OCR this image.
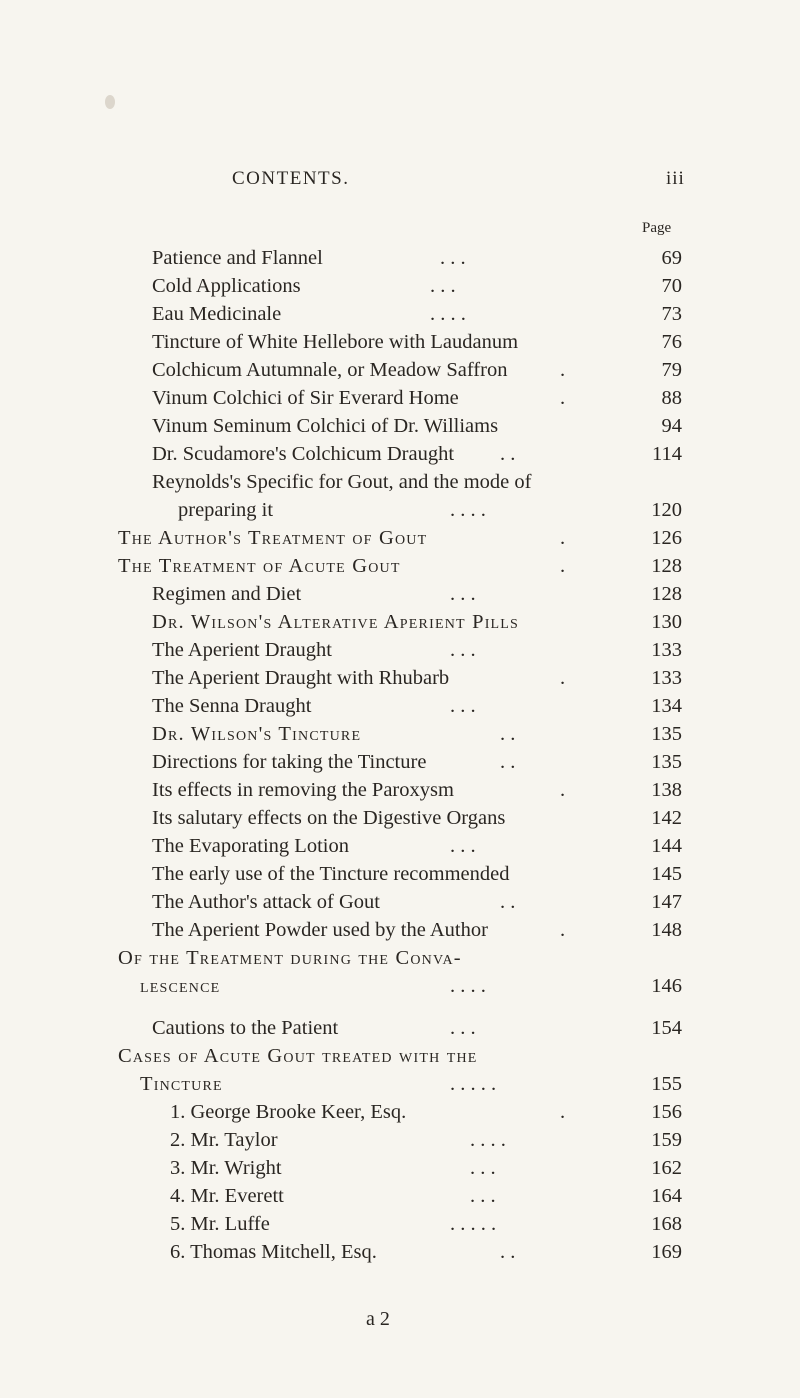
CONTENTS.	iii
Page
Patience and Flannel	. . .	69
Cold Applications	. . .	70
Eau Medicinale	. . . .	73
Tincture of White Hellebore with Laudanum	76
Colchicum Autumnale, or Meadow Saffron	.	79
Vinum Colchici of Sir Everard Home	.	88
Vinum Seminum Colchici of Dr. Williams	94
Dr. Scudamore's Colchicum Draught . .	114
Reynolds's Specific for Gout, and the mode of
preparing it	. . . .	120
The Author's Treatment of Gout	.	126
The Treatment of Acute Gout	.	128
Regimen and Diet	. . .	128
Dr. Wilson's Alterative Aperient Pills	130
The Aperient Draught	. . .	133
The Aperient Draught with Rhubarb	.	133
The Senna Draught	. . .	134
Dr. Wilson's Tincture	. .	135
Directions for taking the Tincture	. .	135
Its effects in removing the Paroxysm	.	138
Its salutary effects on the Digestive Organs	142
The Evaporating Lotion	. . .	144
The early use of the Tincture recommended	145
The Author's attack of Gout	. .	147
The Aperient Powder used by the Author	.	148
Of the Treatment during the Conva-
lescence	. . . .	146
Cautions to the Patient	. . .	154
Cases of Acute Gout treated with the
Tincture	. . . . .	155
1. George Brooke Keer, Esq.	.	156
2. Mr. Taylor	. . . .	159
3. Mr. Wright	. . .	162
4. Mr. Everett	. . .	164
5. Mr. Luffe	. . . . .	168
6. Thomas Mitchell, Esq.	. .	169
a 2
